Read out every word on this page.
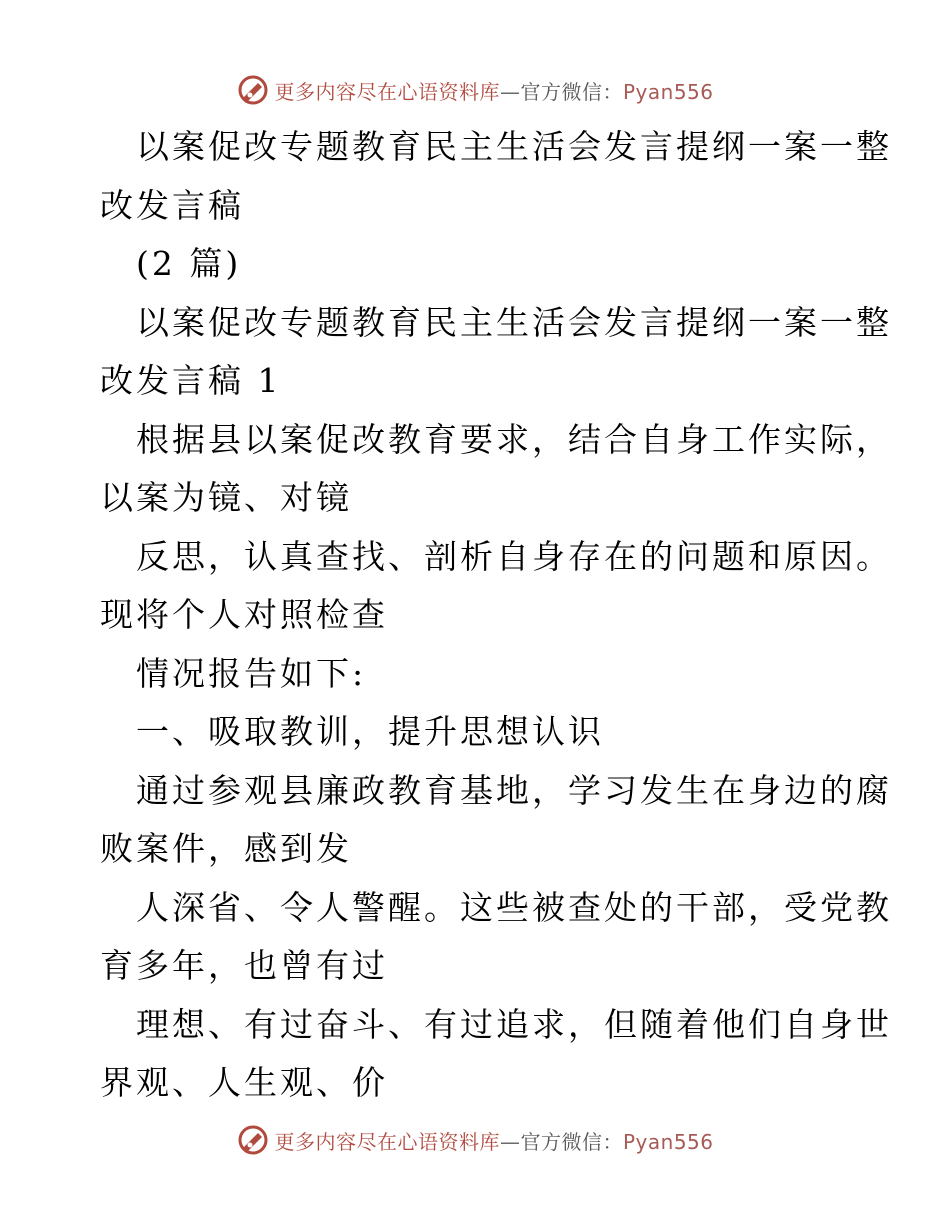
更多内容尽在心语资料库—官方微信：Pyan556
以案促改专题教育民主生活会发言提纲一案一整
改发言稿
(2 篇)
以案促改专题教育民主生活会发言提纲一案一整
改发言稿 1
根据县以案促改教育要求，结合自身工作实际，
以案为镜、对镜
反思，认真查找、剖析自身存在的问题和原因。
现将个人对照检查
情况报告如下:
一、吸取教训，提升思想认识
通过参观县廉政教育基地，学习发生在身边的腐
败案件，感到发
人深省、令人警醒。这些被查处的干部，受党教
育多年，也曾有过
理想、有过奋斗、有过追求，但随着他们自身世
界观、人生观、价
更多内容尽在心语资料库—官方微信：Pyan556
